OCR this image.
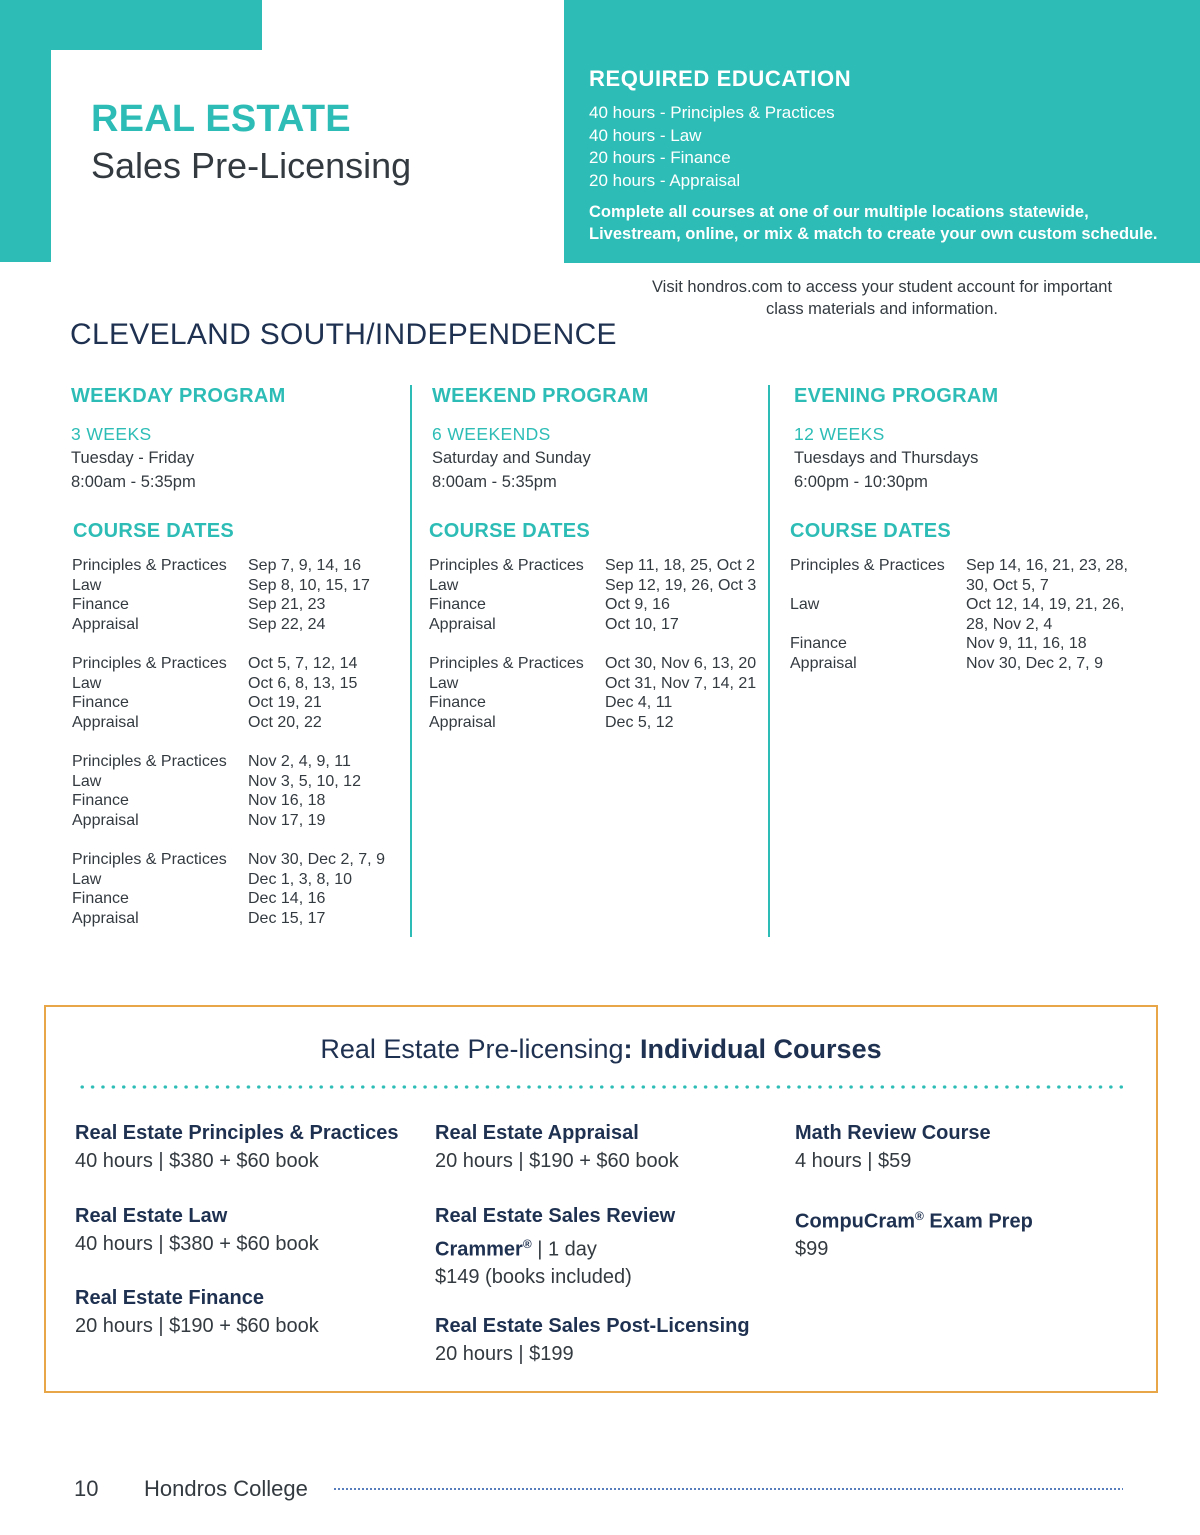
REAL ESTATE
Sales Pre-Licensing
REQUIRED EDUCATION
40 hours - Principles & Practices
40 hours - Law
20 hours - Finance
20 hours - Appraisal
Complete all courses at one of our multiple locations statewide,
Livestream, online, or mix & match to create your own custom schedule.
Visit hondros.com to access your student account for important
class materials and information.
CLEVELAND SOUTH/INDEPENDENCE
WEEKDAY PROGRAM
3 WEEKS
Tuesday - Friday
8:00am - 5:35pm
COURSE DATES
WEEKEND PROGRAM
6 WEEKENDS
Saturday and Sunday
8:00am - 5:35pm
COURSE DATES
EVENING PROGRAM
12 WEEKS
Tuesdays and Thursdays
6:00pm - 10:30pm
COURSE DATES
Principles & Practices	Sep 7, 9, 14, 16
Law	Sep 8, 10, 15, 17
Finance	Sep 21, 23
Appraisal	Sep 22, 24
Principles & Practices	Oct 5, 7, 12, 14
Law	Oct 6, 8, 13, 15
Finance	Oct 19, 21
Appraisal	Oct 20, 22
Principles & Practices	Nov 2, 4, 9, 11
Law	Nov 3, 5, 10, 12
Finance	Nov 16, 18
Appraisal	Nov 17, 19
Principles & Practices	Nov 30, Dec 2, 7, 9
Law	Dec 1, 3, 8, 10
Finance	Dec 14, 16
Appraisal	Dec 15, 17
Principles & Practices	Sep 11, 18, 25, Oct 2
Law	Sep 12, 19, 26, Oct 3
Finance	Oct 9, 16
Appraisal	Oct 10, 17
Principles & Practices	Oct 30, Nov 6, 13, 20
Law	Oct 31, Nov 7, 14, 21
Finance	Dec 4, 11
Appraisal	Dec 5, 12
Principles & Practices	Sep 14, 16, 21, 23, 28,
30, Oct 5, 7
Law	Oct 12, 14, 19, 21, 26,
28, Nov 2, 4
Finance	Nov 9, 11, 16, 18
Appraisal	Nov 30, Dec 2, 7, 9
Real Estate Pre-licensing: Individual Courses
Real Estate Principles & Practices
40 hours | $380 + $60 book
Real Estate Law
40 hours | $380 + $60 book
Real Estate Finance
20 hours | $190 + $60 book
Real Estate Appraisal
20 hours | $190 + $60 book
Real Estate Sales Review
Crammer® | 1 day
$149 (books included)
Real Estate Sales Post-Licensing
20 hours | $199
Math Review Course
4 hours | $59
CompuCram® Exam Prep
$99
10 Hondros College
